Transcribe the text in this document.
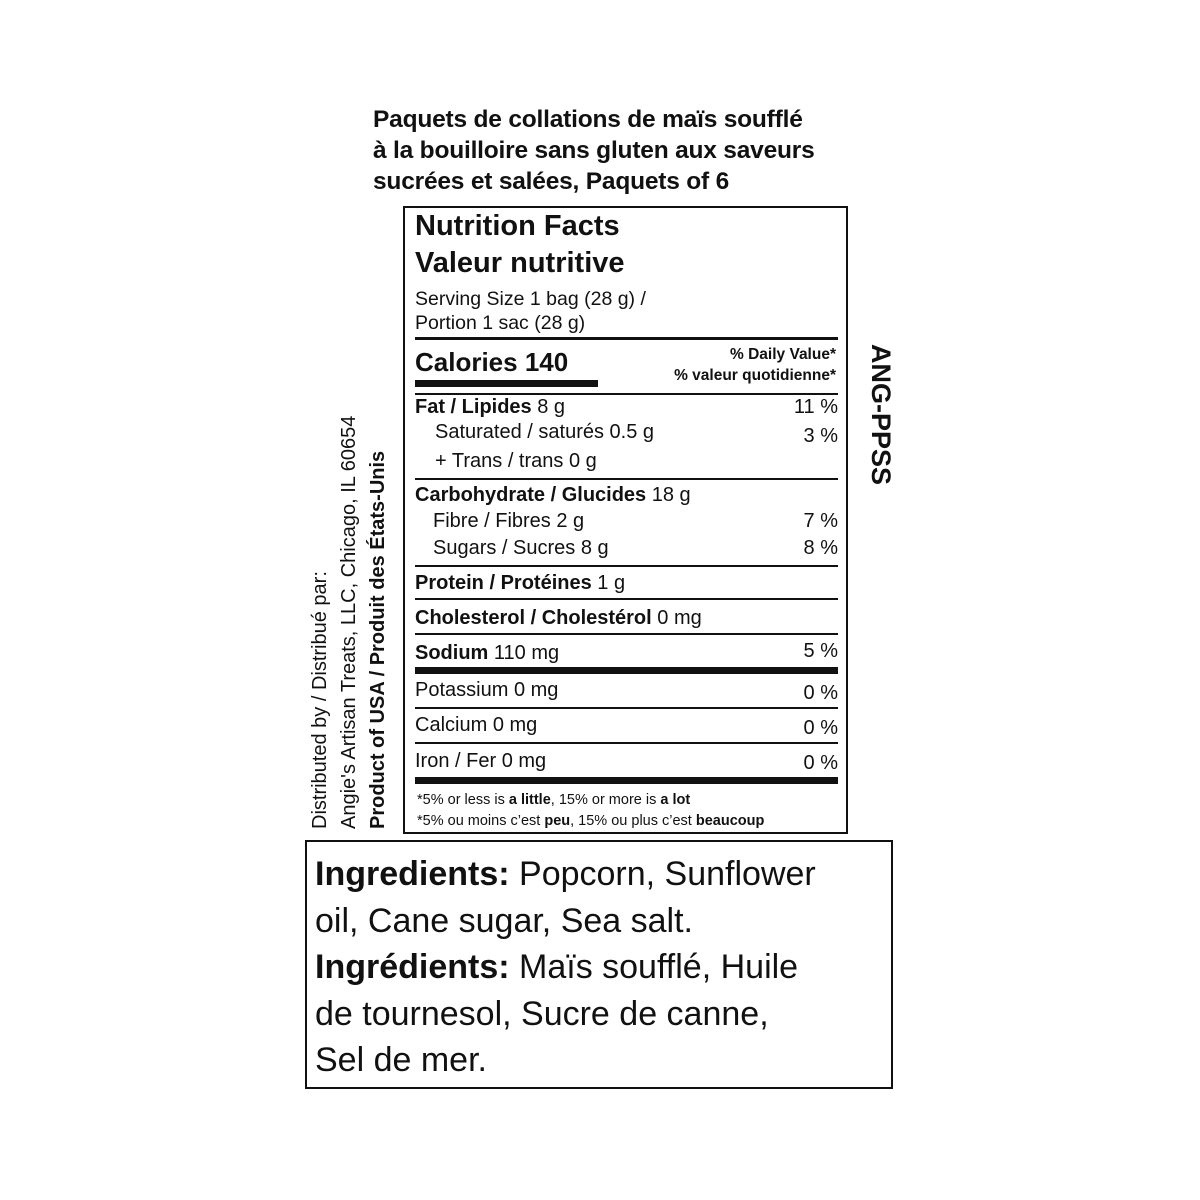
Paquets de collations de maïs soufflé
à la bouilloire sans gluten aux saveurs
sucrées et salées, Paquets of 6
Distributed by / Distribué par: Angie's Artisan Treats, LLC, Chicago, IL 60654 Product of USA / Produit des États-Unis
ANG-PPSS
Nutrition Facts
Valeur nutritive
Serving Size 1 bag (28 g) /
Portion 1 sac (28 g)
Calories 140	% Daily Value*
% valeur quotidienne*
Fat / Lipides 8 g	11 %
Saturated / saturés 0.5 g	3 %
+ Trans / trans 0 g
Carbohydrate / Glucides 18 g
Fibre / Fibres 2 g	7 %
Sugars / Sucres 8 g	8 %
Protein / Protéines 1 g
Cholesterol / Cholestérol 0 mg
Sodium 110 mg	5 %
Potassium 0 mg	0 %
Calcium 0 mg	0 %
Iron / Fer 0 mg	0 %
*5% or less is a little, 15% or more is a lot
*5% ou moins c’est peu, 15% ou plus c’est beaucoup

Ingredients: Popcorn, Sunflower

oil, Cane sugar, Sea salt.

Ingrédients: Maïs soufflé, Huile

de tournesol, Sucre de canne,

Sel de mer.
